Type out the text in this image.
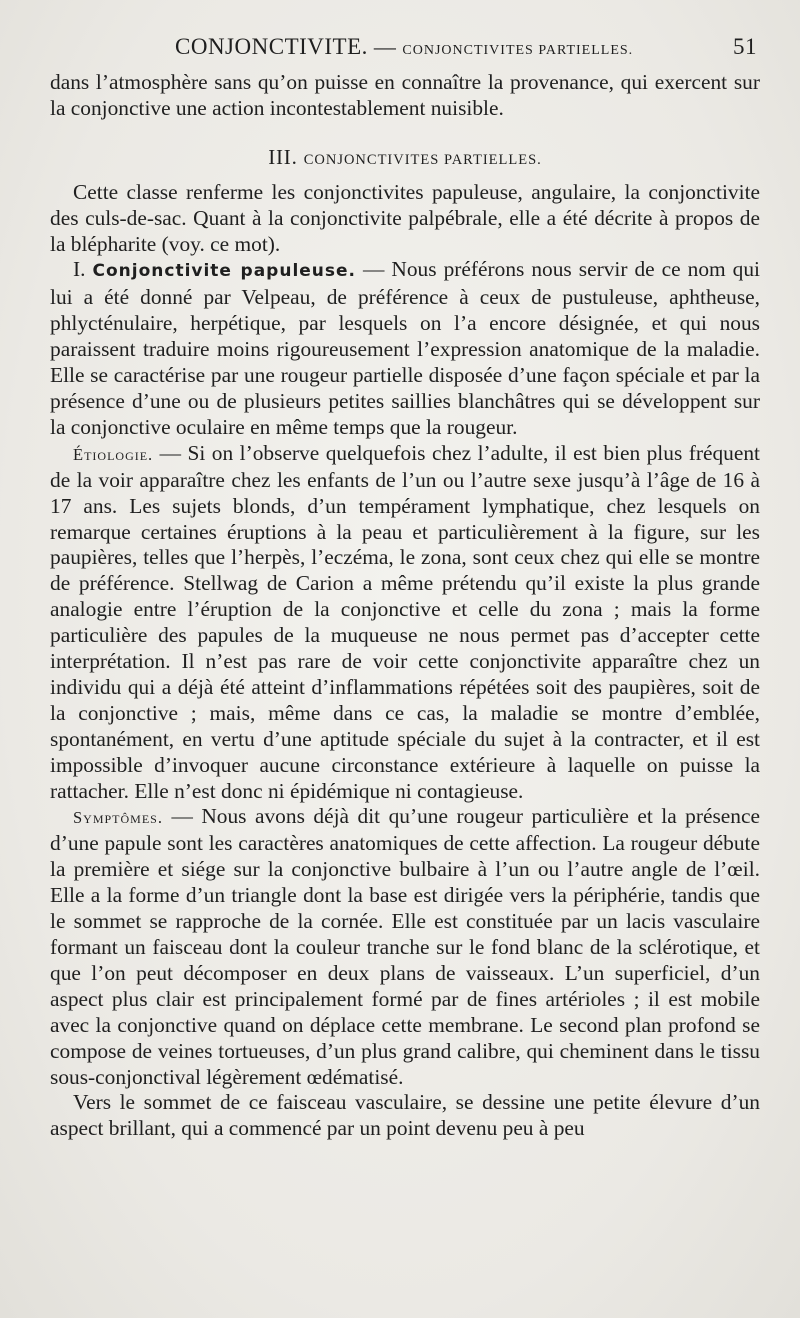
CONJONCTIVITE. — CONJONCTIVITES PARTIELLES.	51

dans l’atmosphère sans qu’on puisse en connaître la provenance, qui exercent sur la conjonctive une action incontestablement nuisible.

III. CONJONCTIVITES PARTIELLES.

Cette classe renferme les conjonctivites papuleuse, angulaire, la conjonctivite des culs-de-sac. Quant à la conjonctivite palpébrale, elle a été décrite à propos de la blépharite (voy. ce mot).

I. Conjonctivite papuleuse. — Nous préférons nous servir de ce nom qui lui a été donné par Velpeau, de préférence à ceux de pustuleuse, aphtheuse, phlycténulaire, herpétique, par lesquels on l’a encore désignée, et qui nous paraissent traduire moins rigoureusement l’expression anatomique de la maladie. Elle se caractérise par une rougeur partielle disposée d’une façon spéciale et par la présence d’une ou de plusieurs petites saillies blanchâtres qui se développent sur la conjonctive oculaire en même temps que la rougeur.

Étiologie. — Si on l’observe quelquefois chez l’adulte, il est bien plus fréquent de la voir apparaître chez les enfants de l’un ou l’autre sexe jusqu’à l’âge de 16 à 17 ans. Les sujets blonds, d’un tempérament lymphatique, chez lesquels on remarque certaines éruptions à la peau et particulièrement à la figure, sur les paupières, telles que l’herpès, l’eczéma, le zona, sont ceux chez qui elle se montre de préférence. Stellwag de Carion a même prétendu qu’il existe la plus grande analogie entre l’éruption de la conjonctive et celle du zona ; mais la forme particulière des papules de la muqueuse ne nous permet pas d’accepter cette interprétation. Il n’est pas rare de voir cette conjonctivite apparaître chez un individu qui a déjà été atteint d’inflammations répétées soit des paupières, soit de la conjonctive ; mais, même dans ce cas, la maladie se montre d’emblée, spontanément, en vertu d’une aptitude spéciale du sujet à la contracter, et il est impossible d’invoquer aucune circonstance extérieure à laquelle on puisse la rattacher. Elle n’est donc ni épidémique ni contagieuse.

Symptômes. — Nous avons déjà dit qu’une rougeur particulière et la présence d’une papule sont les caractères anatomiques de cette affection. La rougeur débute la première et siége sur la conjonctive bulbaire à l’un ou l’autre angle de l’œil. Elle a la forme d’un triangle dont la base est dirigée vers la périphérie, tandis que le sommet se rapproche de la cornée. Elle est constituée par un lacis vasculaire formant un faisceau dont la couleur tranche sur le fond blanc de la sclérotique, et que l’on peut décomposer en deux plans de vaisseaux. L’un superficiel, d’un aspect plus clair est principalement formé par de fines artérioles ; il est mobile avec la conjonctive quand on déplace cette membrane. Le second plan profond se compose de veines tortueuses, d’un plus grand calibre, qui cheminent dans le tissu sous-conjonctival légèrement œdématisé.

Vers le sommet de ce faisceau vasculaire, se dessine une petite élevure d’un aspect brillant, qui a commencé par un point devenu peu à peu
